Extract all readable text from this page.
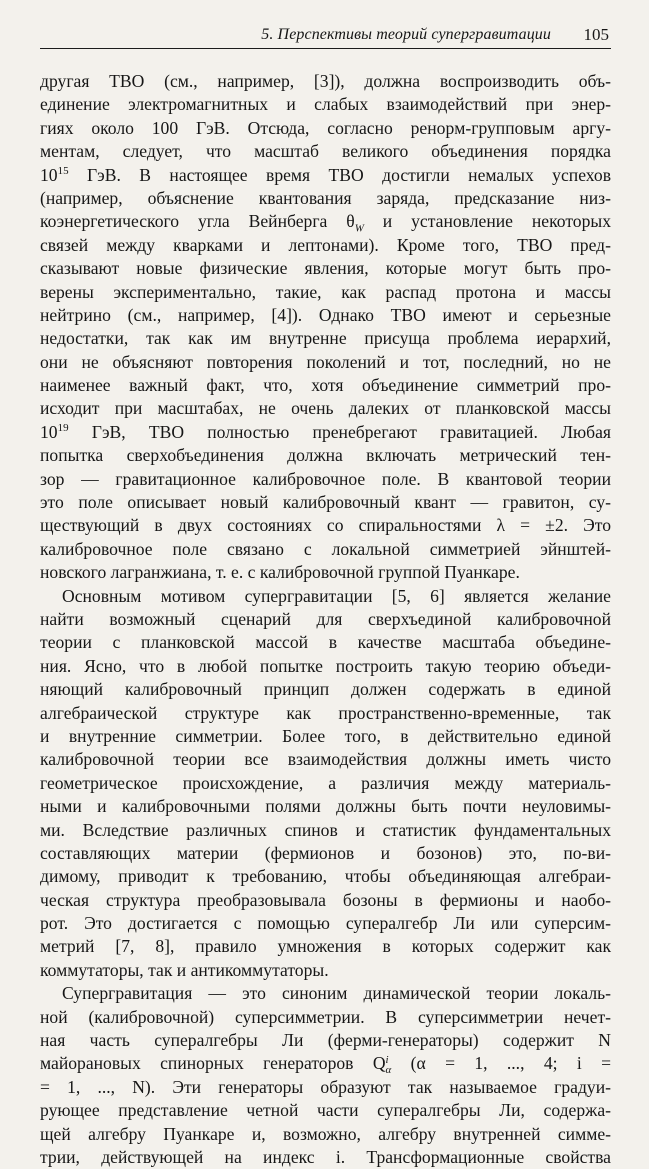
5. Перспективы теорий супергравитации 105
другая ТВО (см., например, [3]), должна воспроизводить объ-
единение электромагнитных и слабых взаимодействий при энер-
гиях около 100 ГэВ. Отсюда, согласно реноpм-групповым аргу-
ментам, следует, что масштаб великого объединения порядка
$10^{15}$ ГэВ. В настоящее время ТВО достигли немалых успехов
(например, объяснение квантования заряда, предсказание низ-
коэнергетического угла Вейнберга $\theta_W$ и установление некоторых
связей между кварками и лептонами). Кроме того, ТВО пред-
сказывают новые физические явления, которые могут быть про-
верены экспериментально, такие, как распад протона и массы
нейтрино (см., например, [4]). Однако ТВО имеют и серьезные
недостатки, так как им внутренне присуща проблема иерархий,
они не объясняют повторения поколений и тот, последний, но не
наименее важный факт, что, хотя объединение симметрий про-
исходит при масштабах, не очень далеких от планковской массы
$10^{19}$ ГэВ, ТВО полностью пренебрегают гравитацией. Любая
попытка сверхобъединения должна включать метрический тен-
зор — гравитационное калибровочное поле. В квантовой теории
это поле описывает новый калибровочный квант — гравитон, су-
ществующий в двух состояниях со спиральностями λ = ±2. Это
калибровочное поле связано с локальной симметрией эйнштей-
новского лагранжиана, т. е. с калибровочной группой Пуанкаре.
Основным мотивом супергравитации [5, 6] является желание
найти возможный сценарий для сверхъединой калибровочной
теории с планковской массой в качестве масштаба объедине-
ния. Ясно, что в любой попытке построить такую теорию объеди-
няющий калибровочный принцип должен содержать в единой
алгебраической структуре как пространственно-временные, так
и внутренние симметрии. Более того, в действительно единой
калибровочной теории все взаимодействия должны иметь чисто
геометрическое происхождение, а различия между материаль-
ными и калибровочными полями должны быть почти неуловимы-
ми. Вследствие различных спинов и статистик фундаментальных
составляющих материи (фермионов и бозонов) это, по-ви-
димому, приводит к требованию, чтобы объединяющая алгебраи-
ческая структура преобразовывала бозоны в фермионы и наобо-
рот. Это достигается с помощью супералгебр Ли или суперсим-
метрий [7, 8], правило умножения в которых содержит как
коммутаторы, так и антикоммутаторы.
Супергравитация — это синоним динамической теории локаль-
ной (калибровочной) суперсимметрии. В суперсимметрии нечет-
ная часть супералгебры Ли (ферми-генераторы) содержит N
майорановых спинорных генераторов Q i
α (α = 1, ..., 4; i =
= 1, ..., N). Эти генераторы образуют так называемое градуи-
рующее представление четной части супералгебры Ли, содержа-
щей алгебру Пуанкаре и, возможно, алгебру внутренней симме-
трии, действующей на индекс i. Трансформационные свойства
